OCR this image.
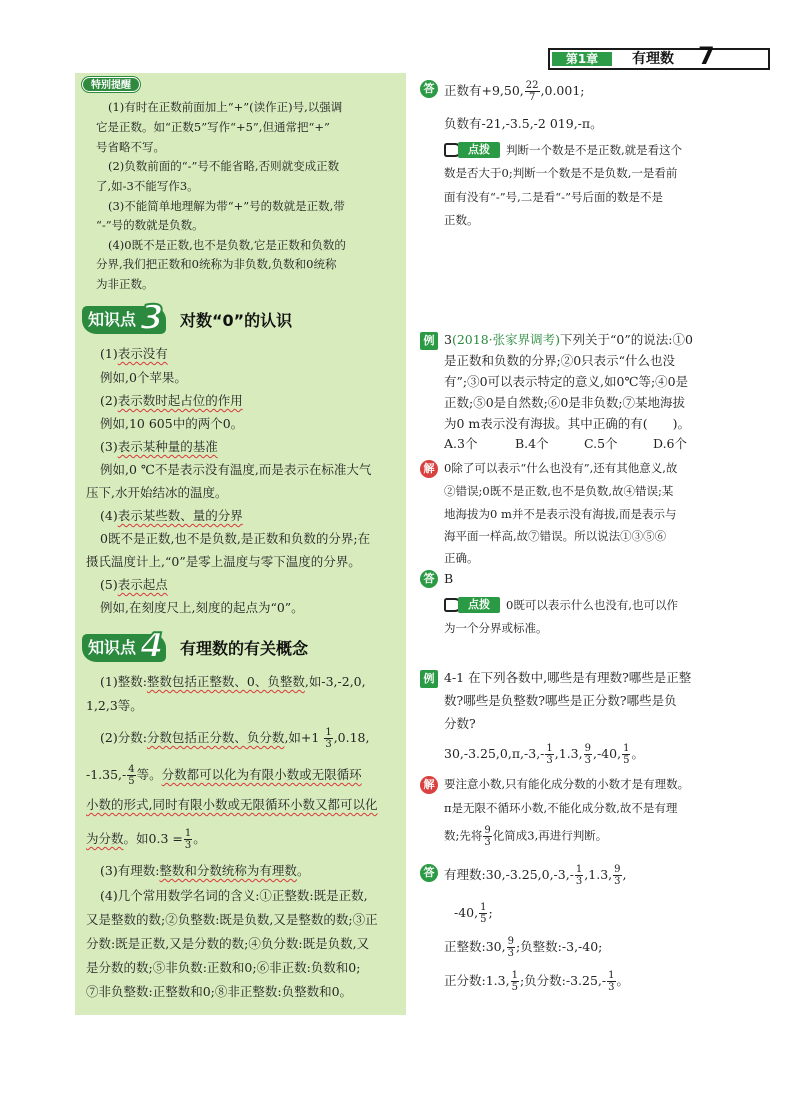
第1章	有理数 7
特别提醒
(1)有时在正数前面加上“+”(读作正)号,以强调
它是正数。如“正数5”写作“+5”,但通常把“+”
号省略不写。
(2)负数前面的“-”号不能省略,否则就变成正数
了,如-3不能写作3。
(3)不能简单地理解为带“+”号的数就是正数,带
“-”号的数就是负数。
(4)0既不是正数,也不是负数,它是正数和负数的
分界,我们把正数和0统称为非负数,负数和0统称
为非正数。
知识点 3 对数“0”的认识
(1)表示没有
例如,0个苹果。
(2)表示数时起占位的作用
例如,10 605中的两个0。
(3)表示某种量的基准
例如,0 ℃不是表示没有温度,而是表示在标准大气
压下,水开始结冰的温度。
(4)表示某些数、量的分界
0既不是正数,也不是负数,是正数和负数的分界;在
摄氏温度计上,“0”是零上温度与零下温度的分界。
(5)表示起点
例如,在刻度尺上,刻度的起点为“0”。
知识点 4 有理数的有关概念
(1)整数:整数包括正整数、0、负整数,如-3,-2,0,
1,2,3等。
(2)分数:分数包括正分数、负分数,如$+1 \frac{1}{3} ,0.18$,
$-1.35,- \frac{4}{5}$ 等。分数都可以化为有限小数或无限循环
小数的形式,同时有限小数或无限循环小数又都可以化
为分数。如$0.3 = \frac{1}{3}$ 。
(3)有理数:整数和分数统称为有理数。
(4)几个常用数学名词的含义:①正整数:既是正数,
又是整数的数;②负整数:既是负数,又是整数的数;③正
分数:既是正数,又是分数的数;④负分数:既是负数,又
是分数的数;⑤非负数:正数和0;⑥非正数:负数和0;
⑦非负整数:正整数和0;⑧非正整数:负整数和0。
答 正数有+9,50, $\frac{22}{7} ,0.001$;
负数有-21,-3.5,-2 019,-π。
点拨	判断一个数是不是正数,就是看这个
数是否大于0;判断一个数是不是负数,一是看前
面有没有“-”号,二是看“-”号后面的数是不是
正数。
例 3(2018·张家界调考)下列关于“0”的说法:①0
是正数和负数的分界;②0只表示“什么也没
有”;③0可以表示特定的意义,如0℃等;④0是
正数;⑤0是自然数;⑥0是非负数;⑦某地海拔
为0 m表示没有海拔。其中正确的有(　　)。
A.3个	B.4个	C.5个	D.6个
解 0除了可以表示“什么也没有”,还有其他意义,故
②错误;0既不是正数,也不是负数,故④错误;某
地海拔为0 m并不是表示没有海拔,而是表示与
海平面一样高,故⑦错误。所以说法①③⑤⑥
正确。
答 B
点拨	0既可以表示什么也没有,也可以作
为一个分界或标准。
例 4-1 在下列各数中,哪些是有理数?哪些是正整
数?哪些是负整数?哪些是正分数?哪些是负
分数?
$30,-3.25,0,\pi,-3,- \frac{1}{3} ,1.3$, $\frac{9}{3} ,-40$, $\frac{1}{5}$ 。
解 要注意小数,只有能化成分数的小数才是有理数。
π是无限不循环小数,不能化成分数,故不是有理
数;先将 $\frac{9}{3}$ 化简成3,再进行判断。
答 有理数:30,-3.25,0,-3,- $\frac{1}{3} ,1.3$, $\frac{9}{3}$ ,
-40, $\frac{1}{5}$ ;
正整数:30, $\frac{9}{3}$ ;负整数:-3,-40;
正分数:1.3, $\frac{1}{5}$ ;负分数:-3.25,- $\frac{1}{3}$ 。
